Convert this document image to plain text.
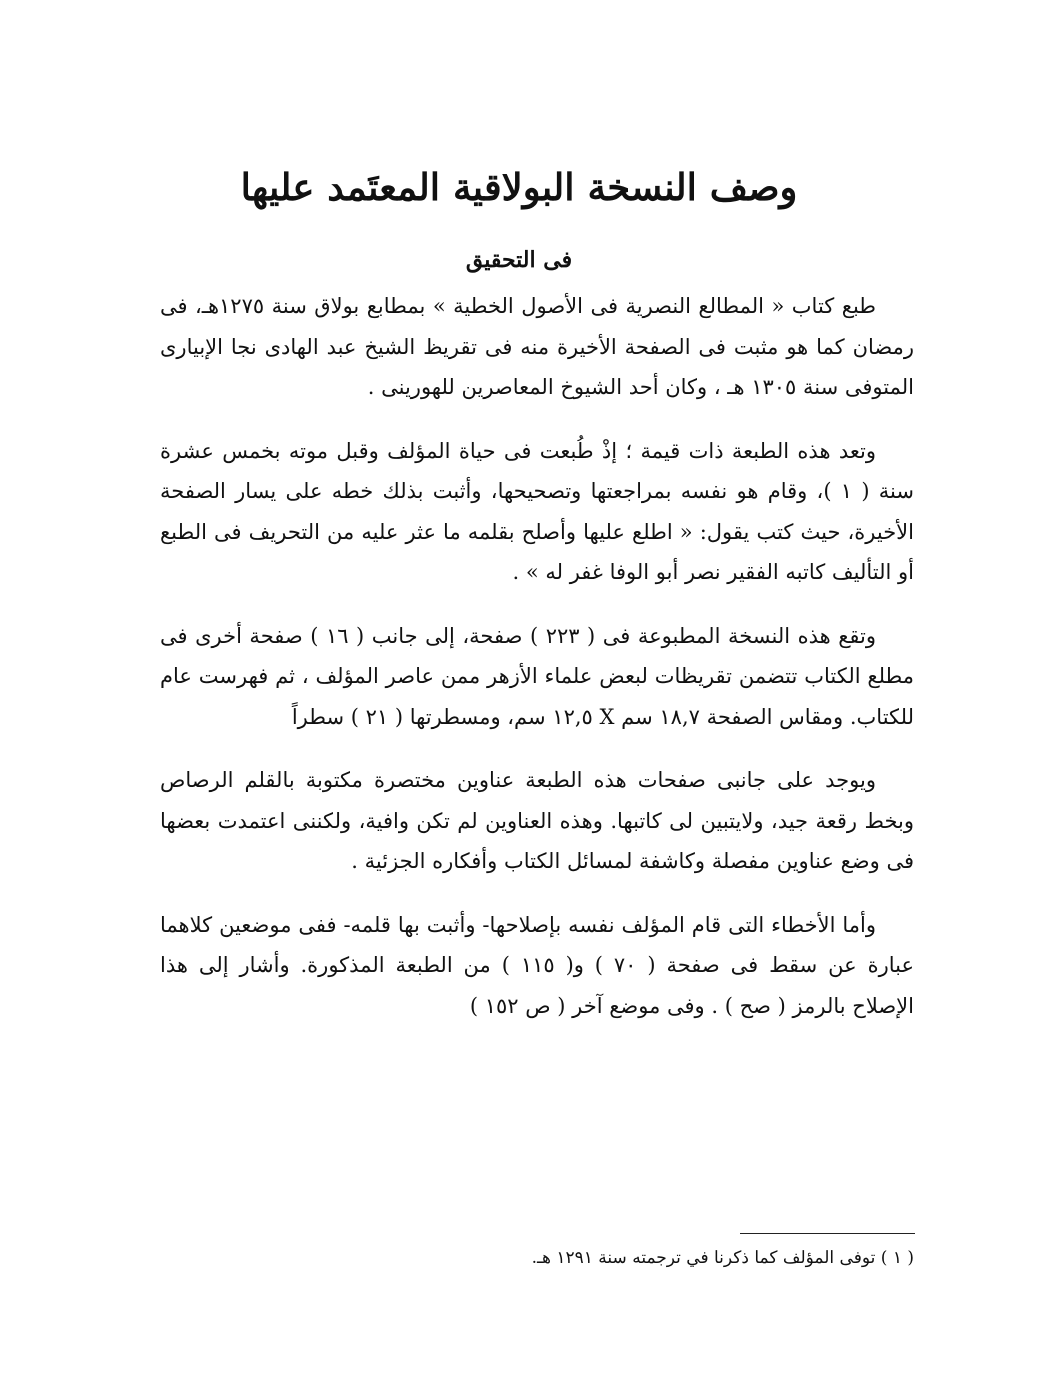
وصف النسخة البولاقية المعتَمد عليها
فى التحقيق

طبع كتاب « المطالع النصرية فى الأصول الخطية » بمطابع بولاق سنة ١٢٧٥هـ، فى رمضان كما هو مثبت فى الصفحة الأخيرة منه فى تقريظ الشيخ عبد الهادى نجا الإبيارى المتوفى سنة ١٣٠٥ هـ ، وكان أحد الشيوخ المعاصرين للهورينى .

وتعد هذه الطبعة ذات قيمة ؛ إذْ طُبعت فى حياة المؤلف وقبل موته بخمس عشرة سنة ( ١ )، وقام هو نفسه بمراجعتها وتصحيحها، وأثبت بذلك خطه على يسار الصفحة الأخيرة، حيث كتب يقول: « اطلع عليها وأصلح بقلمه ما عثر عليه من التحريف فى الطبع أو التأليف كاتبه الفقير نصر أبو الوفا غفر له » .

وتقع هذه النسخة المطبوعة فى ( ٢٢٣ ) صفحة، إلى جانب ( ١٦ ) صفحة أخرى فى مطلع الكتاب تتضمن تقريظات لبعض علماء الأزهر ممن عاصر المؤلف ، ثم فهرست عام للكتاب. ومقاس الصفحة ١٨,٧ سم X ١٢,٥ سم، ومسطرتها ( ٢١ ) سطراً

ويوجد على جانبى صفحات هذه الطبعة عناوين مختصرة مكتوبة بالقلم الرصاص وبخط رقعة جيد، ولايتبين لى كاتبها. وهذه العناوين لم تكن وافية، ولكننى اعتمدت بعضها فى وضع عناوين مفصلة وكاشفة لمسائل الكتاب وأفكاره الجزئية .

وأما الأخطاء التى قام المؤلف نفسه بإصلاحها- وأثبت بها قلمه- ففى موضعين كلاهما عبارة عن سقط فى صفحة ( ٧٠ ) و( ١١٥ ) من الطبعة المذكورة. وأشار إلى هذا الإصلاح بالرمز ( صح ) . وفى موضع آخر ( ص ١٥٢ )

( ١ ) توفى المؤلف كما ذكرنا في ترجمته سنة ١٢٩١ هـ.
